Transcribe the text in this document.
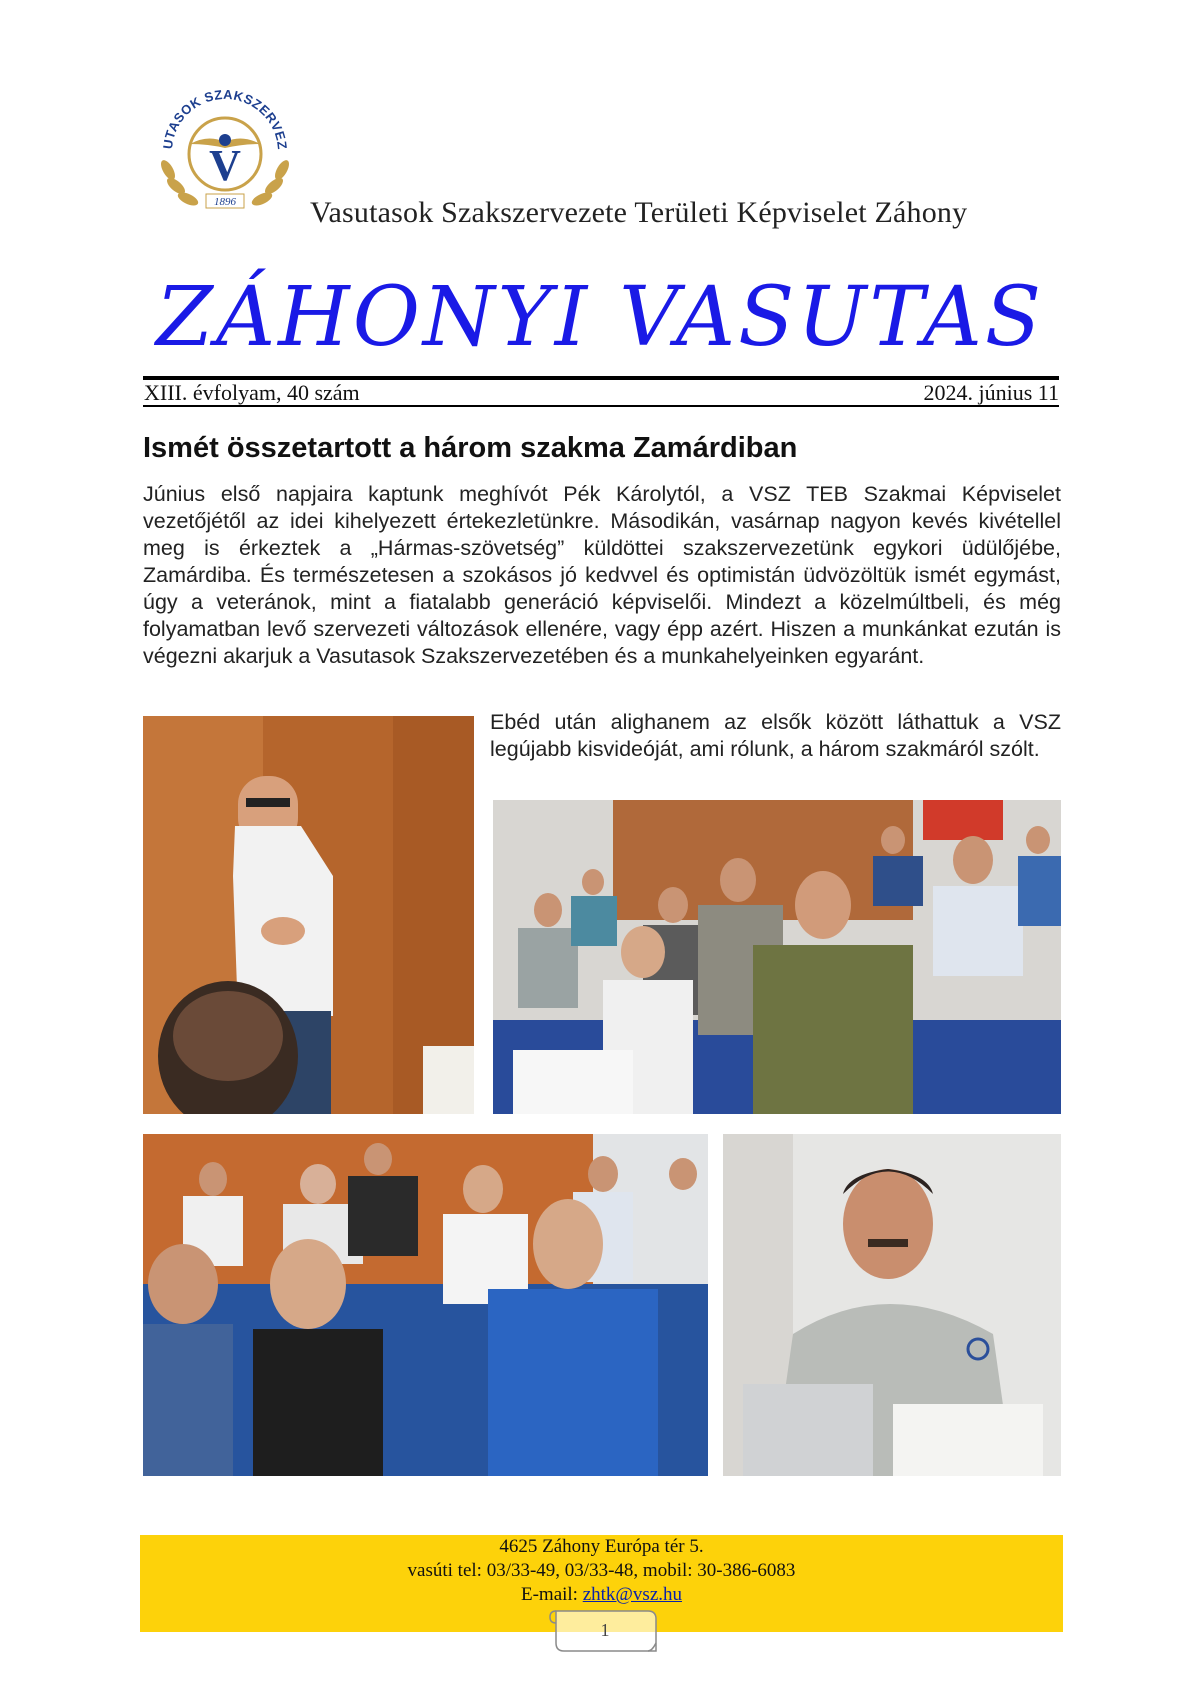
UTASOK SZAKSZERVEZ
V
1896 Vasutasok Szakszervezete Területi Képviselet Záhony
ZÁHONYI VASUTAS
XIII. évfolyam, 40 szám	2024. június 11
Ismét összetartott a három szakma Zamárdiban
Június első napjaira kaptunk meghívót Pék Károlytól, a VSZ TEB Szakmai Képviselet vezetőjétől az idei kihelyezett értekezletünkre. Másodikán, vasárnap nagyon kevés kivétellel meg is érkeztek a „Hármas-szövetség” küldöttei szakszervezetünk egykori üdülőjébe, Zamárdiba. És természetesen a szokásos jó kedvvel és optimistán üdvözöltük ismét egymást, úgy a veteránok, mint a fiatalabb generáció képviselői. Mindezt a közelmúltbeli, és még folyamatban levő szervezeti változások ellenére, vagy épp azért. Hiszen a munkánkat ezután is végezni akarjuk a Vasutasok Szakszervezetében és a munkahelyeinken egyaránt.
Ebéd után alighanem az elsők között láthattuk a VSZ legújabb kisvideóját, ami rólunk, a három szakmáról szólt.
4625 Záhony Európa tér 5.
vasúti tel: 03/33-49, 03/33-48, mobil: 30-386-6083
E-mail: zhtk@vsz.hu
1
